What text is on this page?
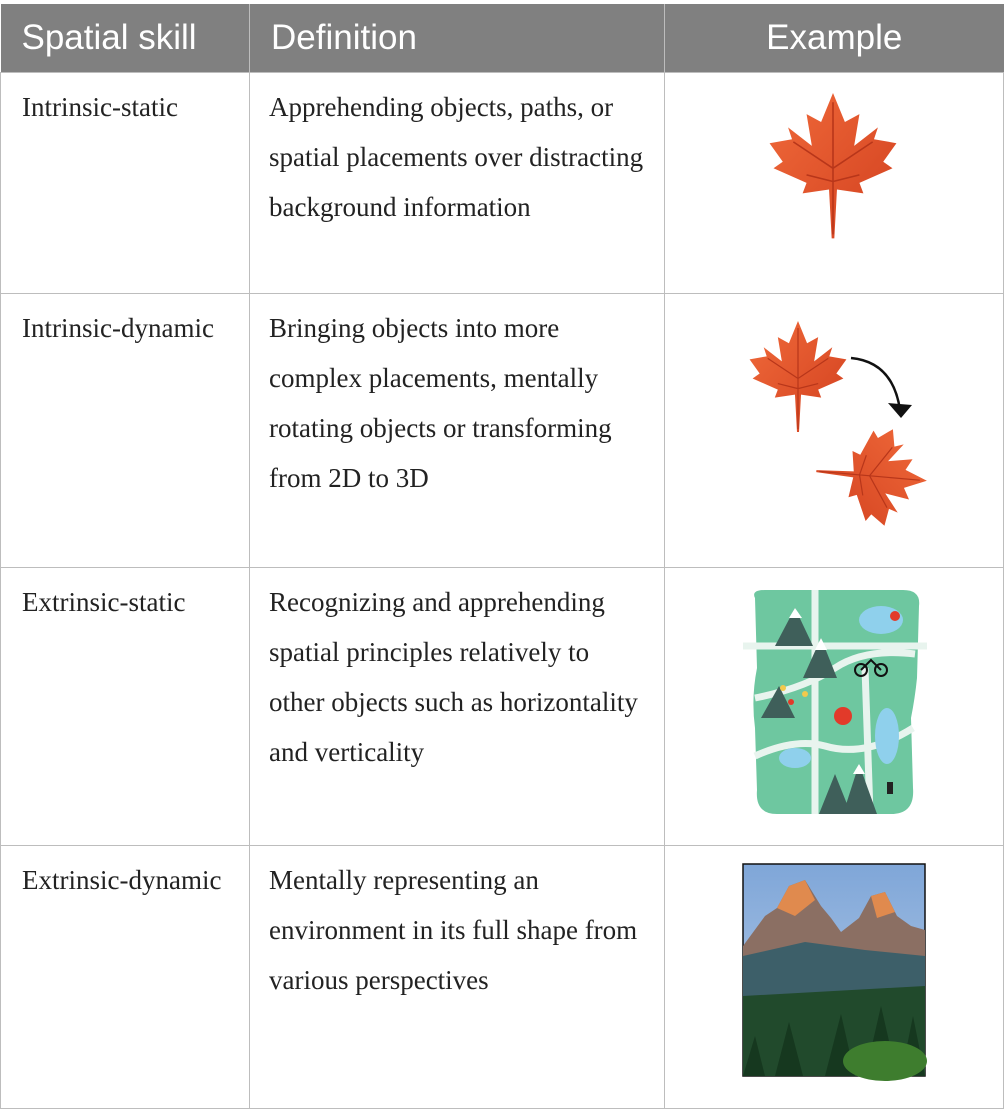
Spatial skill	Definition	Example
Intrinsic-static	Apprehending objects, paths, or spatial placements over distracting background information	

Intrinsic-dynamic	Bringing objects into more complex placements, mentally rotating objects or transforming from 2D to 3D	

Extrinsic-static	Recognizing and apprehending spatial principles relatively to other objects such as horizontality and verticality	

Extrinsic-dynamic	Mentally representing an environment in its full shape from various perspectives	
